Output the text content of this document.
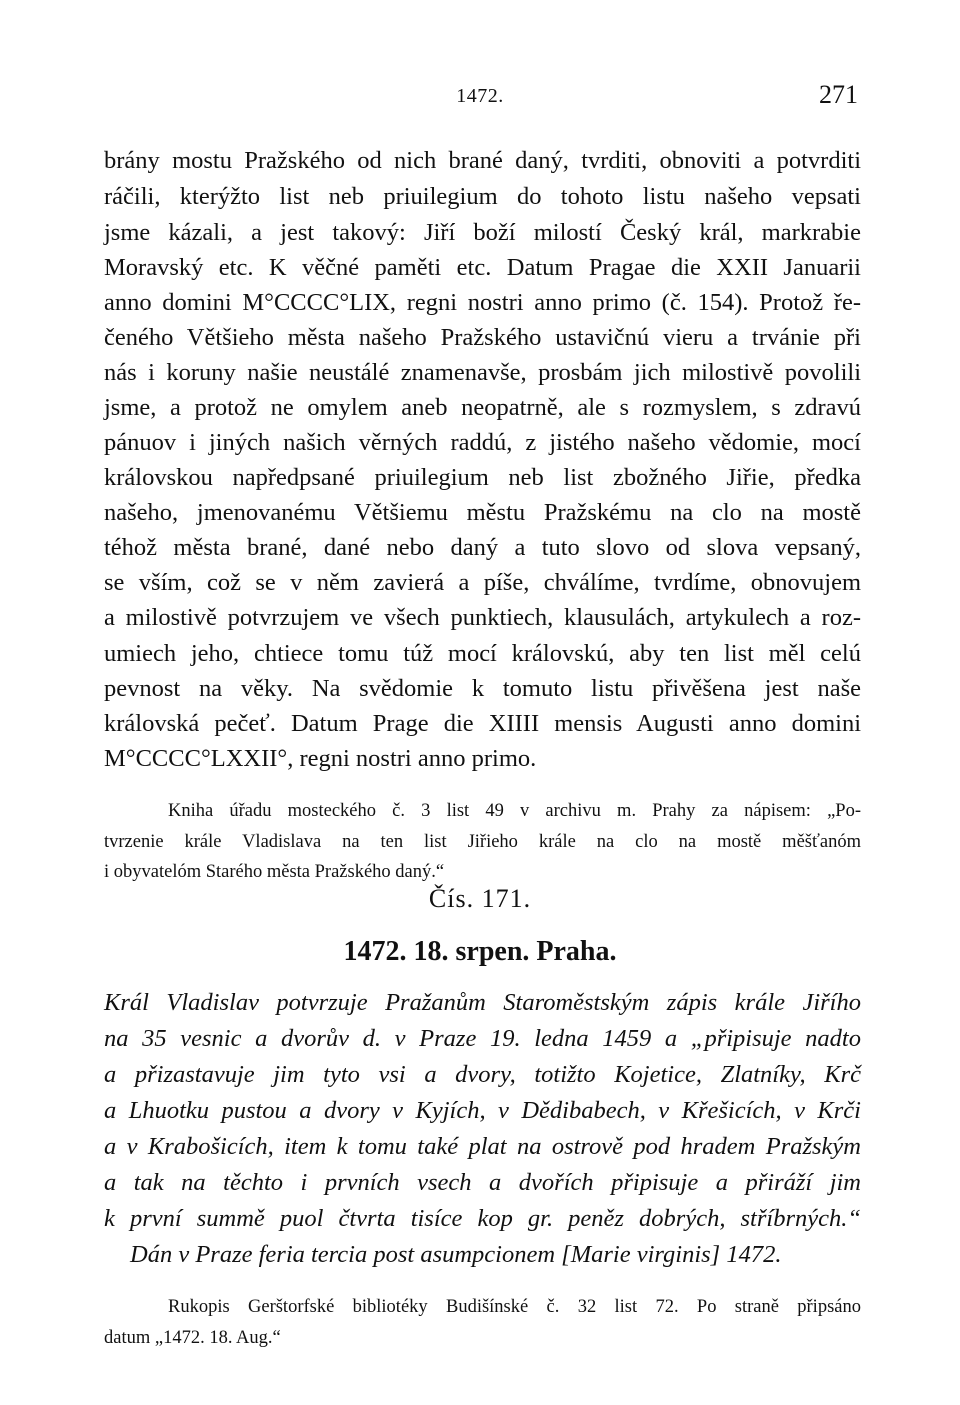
1472.	271
brány mostu Pražského od nich brané daný, tvrditi, obnoviti a potvrditi
ráčili, kterýžto list neb priuilegium do tohoto listu našeho vepsati
jsme kázali, a jest takový: Jiří boží milostí Český král, markrabie
Moravský etc. K věčné paměti etc. Datum Pragae die XXII Januarii
anno domini M°CCCC°LIX, regni nostri anno primo (č. 154). Protož ře-
čeného Většieho města našeho Pražského ustavičnú vieru a trvánie při
nás i koruny našie neustálé znamenavše, prosbám jich milostivě povolili
jsme, a protož ne omylem aneb neopatrně, ale s rozmyslem, s zdravú
pánuov i jiných našich věrných raddú, z jistého našeho vědomie, mocí
královskou napředpsané priuilegium neb list zbožného Jiřie, předka
našeho, jmenovanému Většiemu městu Pražskému na clo na mostě
téhož města brané, dané nebo daný a tuto slovo od slova vepsaný,
se vším, což se v něm zavierá a píše, chválíme, tvrdíme, obnovujem
a milostivě potvrzujem ve všech punktiech, klausulách, artykulech a roz-
umiech jeho, chtiece tomu túž mocí královskú, aby ten list měl celú
pevnost na věky. Na svědomie k tomuto listu přivěšena jest naše
královská pečeť. Datum Prage die XIIII mensis Augusti anno domini
M°CCCC°LXXII°, regni nostri anno primo.
Kniha úřadu mosteckého č. 3 list 49 v archivu m. Prahy za nápisem: „Po-
tvrzenie krále Vladislava na ten list Jiřieho krále na clo na mostě měšťanóm
i obyvatelóm Starého města Pražského daný.“
Čís. 171.
1472. 18. srpen. Praha.
Král Vladislav potvrzuje Pražanům Staroměstským zápis krále Jiřího
na 35 vesnic a dvorův d. v Praze 19. ledna 1459 a „připisuje nadto
a přizastavuje jim tyto vsi a dvory, totižto Kojetice, Zlatníky, Krč
a Lhuotku pustou a dvory v Kyjích, v Dědibabech, v Křešicích, v Krči
a v Krabošicích, item k tomu také plat na ostrově pod hradem Pražským
a tak na těchto i prvních vsech a dvořích připisuje a přiráží jim
k první summě puol čtvrta tisíce kop gr. peněz dobrých, stříbrných.“
Dán v Praze feria tercia post asumpcionem [Marie virginis] 1472.
Rukopis Gerštorfské bibliotéky Budišínské č. 32 list 72. Po straně připsáno
datum „1472. 18. Aug.“
